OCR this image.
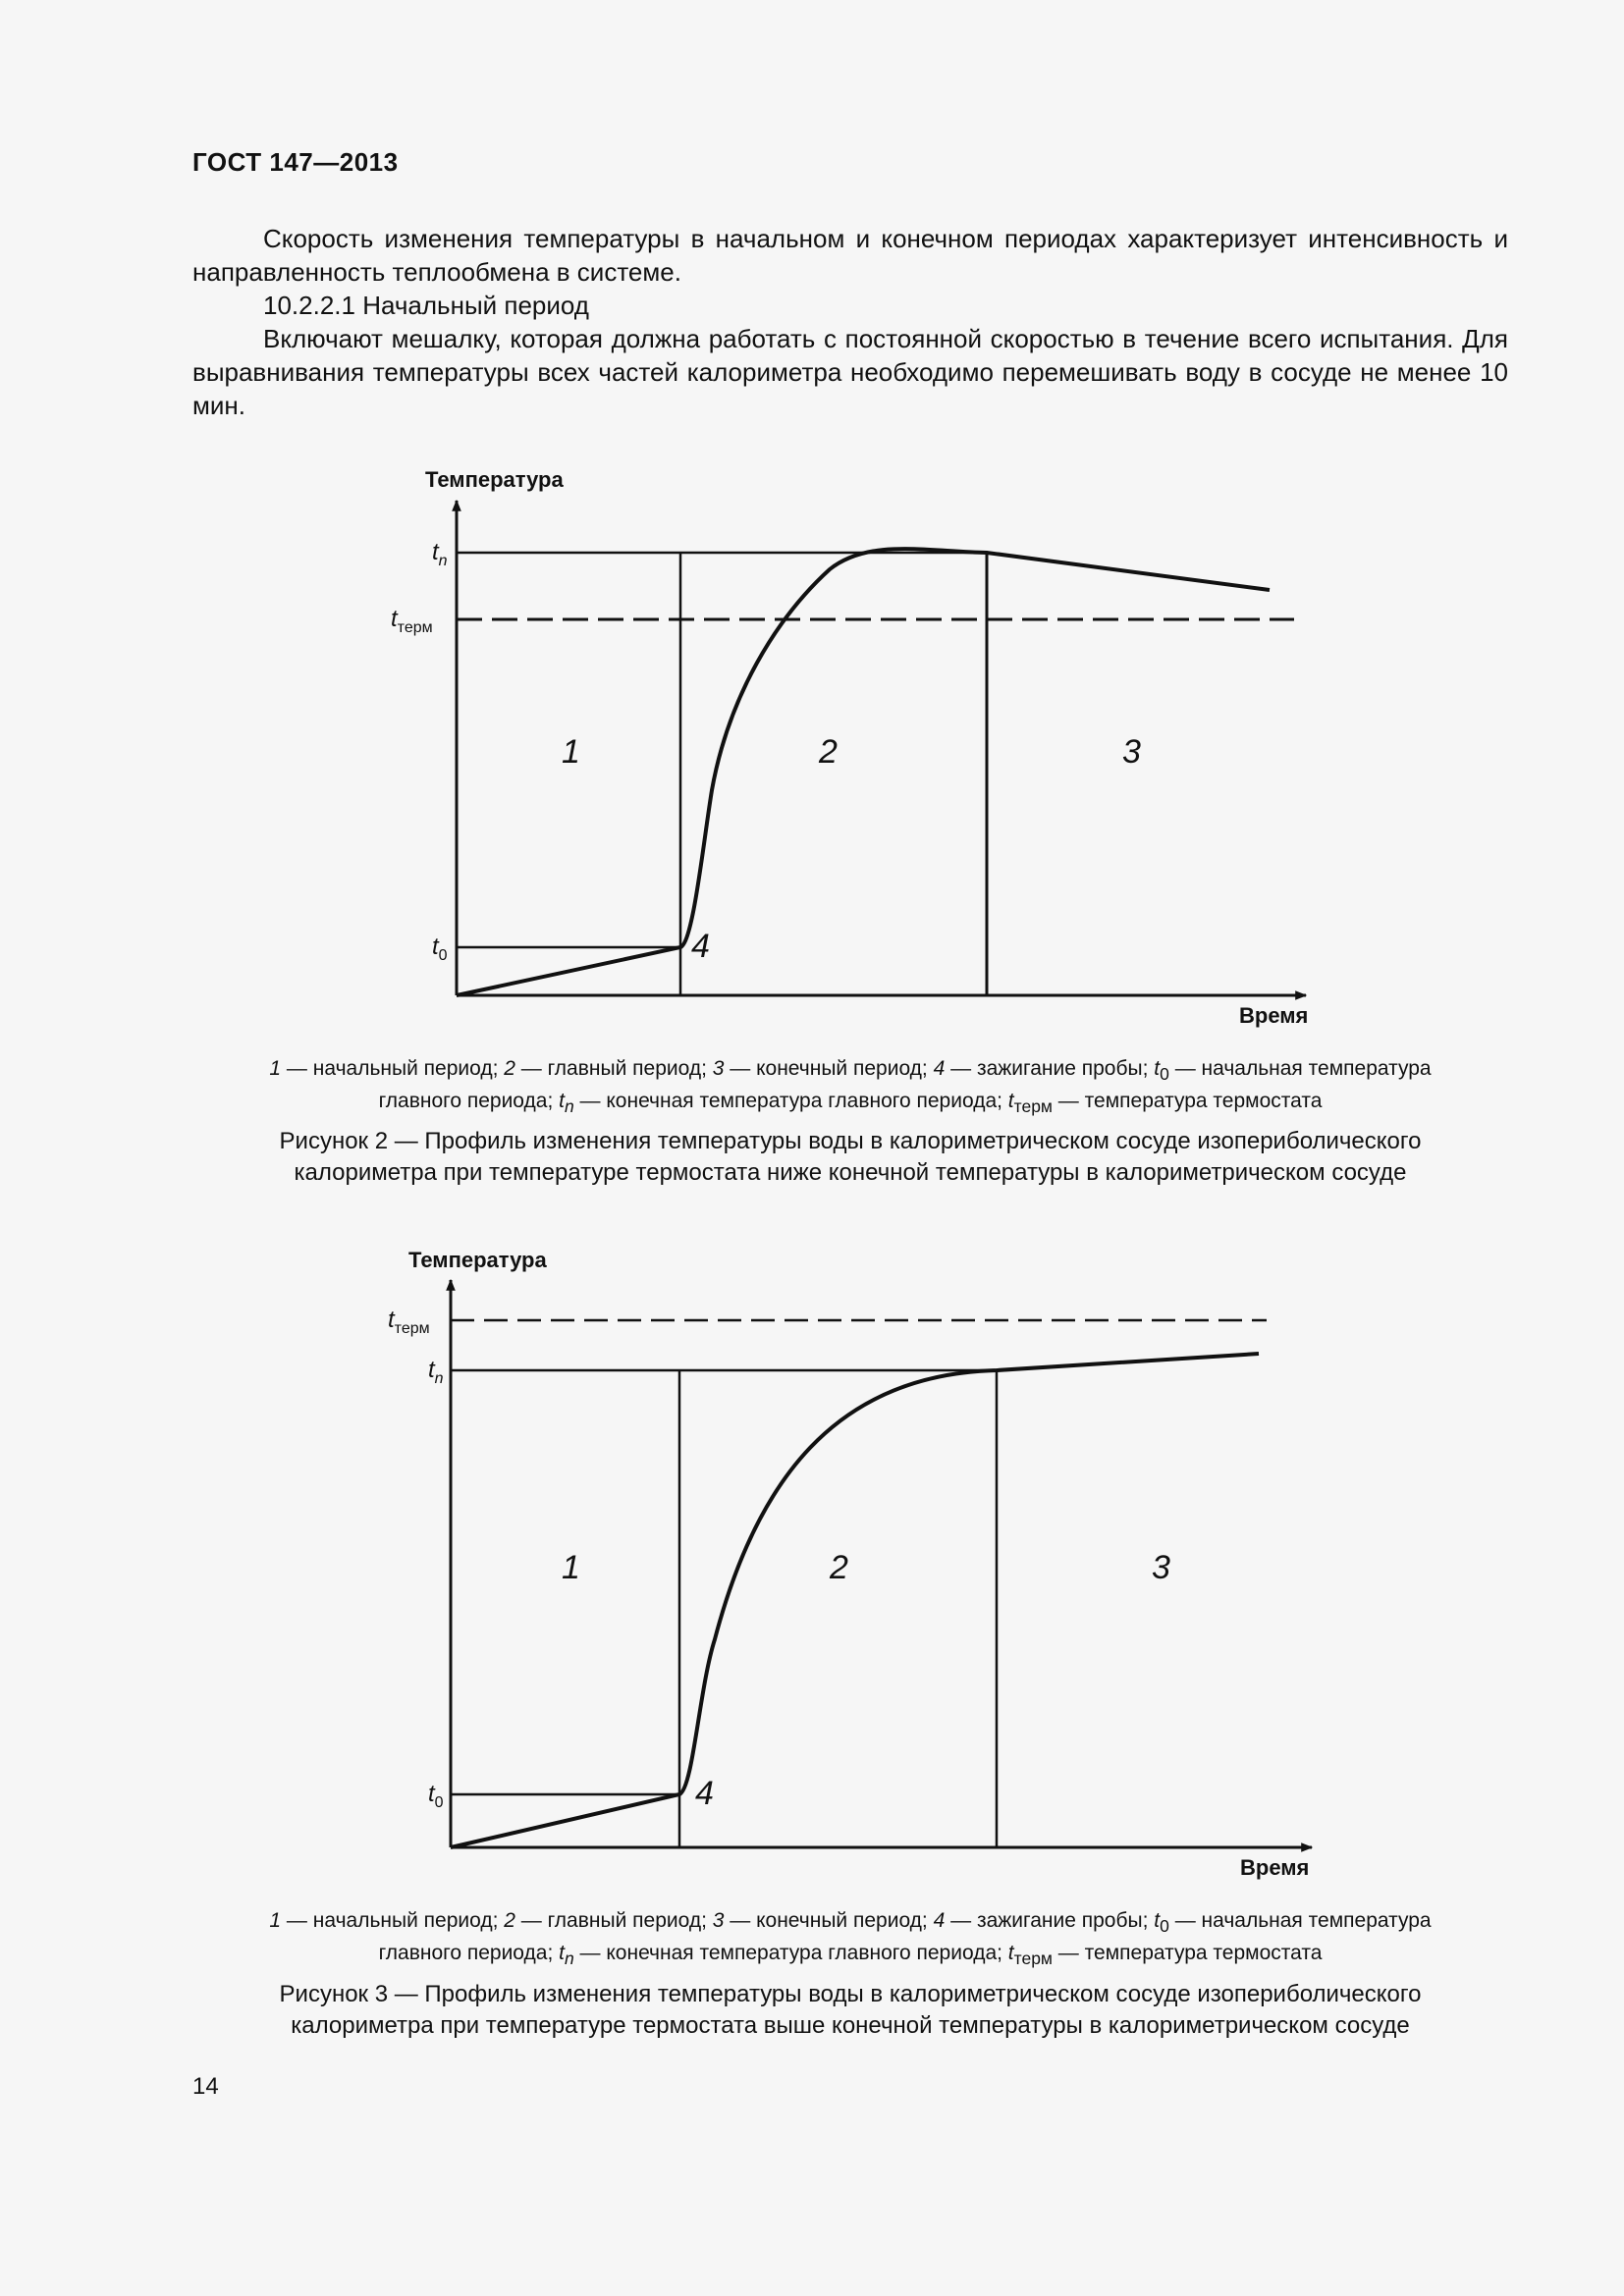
ГОСТ 147—2013

Скорость изменения температуры в начальном и конечном периодах характеризует интенсивность и направленность теплообмена в системе.

10.2.2.1 Начальный период

Включают мешалку, которая должна работать с постоянной скоростью в течение всего испытания. Для выравнивания температуры всех частей калориметра необходимо перемешивать воду в сосуде не менее 10 мин.

Температура
Время
$t_n$
$t_{терм}$
$t_0$
1	2	3
4
1 — начальный период; 2 — главный период; 3 — конечный период; 4 — зажигание пробы; $t_0$ — начальная температура
главного периода; $t_n$ — конечная температура главного периода; $t_{терм}$ — температура термостата
Рисунок 2 — Профиль изменения температуры воды в калориметрическом сосуде изопериболического
калориметра при температуре термостата ниже конечной температуры в калориметрическом сосуде
Температура
Время
$t_{терм}$
$t_n$
$t_0$
1	2	3
4
1 — начальный период; 2 — главный период; 3 — конечный период; 4 — зажигание пробы; $t_0$ — начальная температура
главного периода; $t_n$ — конечная температура главного периода; $t_{терм}$ — температура термостата
Рисунок 3 — Профиль изменения температуры воды в калориметрическом сосуде изопериболического
калориметра при температуре термостата выше конечной температуры в калориметрическом сосуде
14
